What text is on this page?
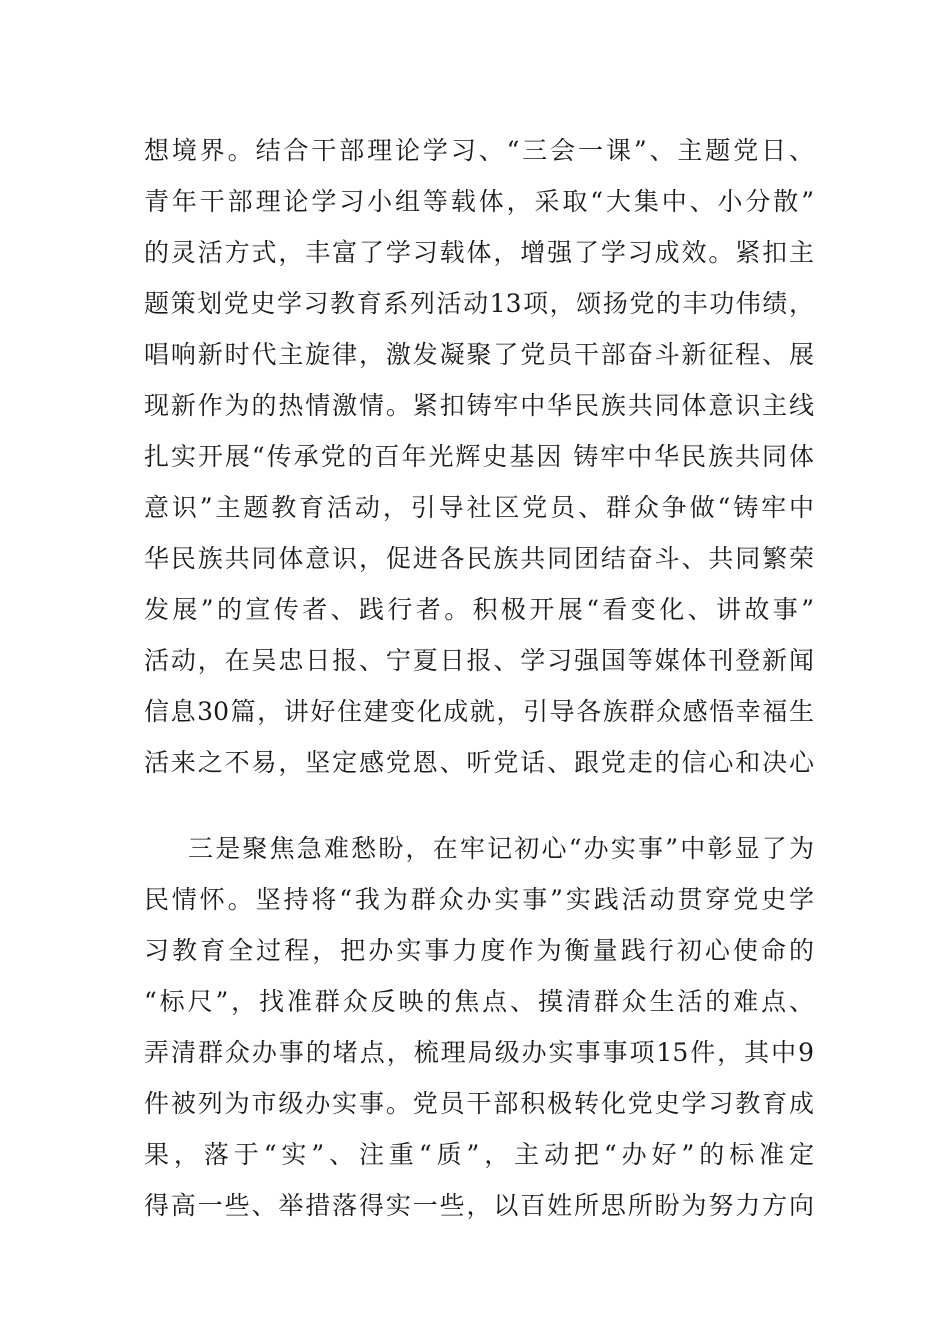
想境界。结合干部理论学习、“三会一课”、主题党日、
青年干部理论学习小组等载体，采取“大集中、小分散”
的灵活方式，丰富了学习载体，增强了学习成效。紧扣主
题策划党史学习教育系列活动13项，颂扬党的丰功伟绩，
唱响新时代主旋律，激发凝聚了党员干部奋斗新征程、展
现新作为的热情激情。紧扣铸牢中华民族共同体意识主线
扎实开展“传承党的百年光辉史基因 铸牢中华民族共同体
意识”主题教育活动，引导社区党员、群众争做“铸牢中
华民族共同体意识，促进各民族共同团结奋斗、共同繁荣
发展”的宣传者、践行者。积极开展“看变化、讲故事”
活动，在吴忠日报、宁夏日报、学习强国等媒体刊登新闻
信息30篇，讲好住建变化成就，引导各族群众感悟幸福生
活来之不易，坚定感党恩、听党话、跟党走的信心和决心
三是聚焦急难愁盼，在牢记初心“办实事”中彰显了为
民情怀。坚持将“我为群众办实事”实践活动贯穿党史学
习教育全过程，把办实事力度作为衡量践行初心使命的
“标尺”，找准群众反映的焦点、摸清群众生活的难点、
弄清群众办事的堵点，梳理局级办实事事项15件，其中9
件被列为市级办实事。党员干部积极转化党史学习教育成
果，落于“实”、注重“质”，主动把“办好”的标准定
得高一些、举措落得实一些，以百姓所思所盼为努力方向
